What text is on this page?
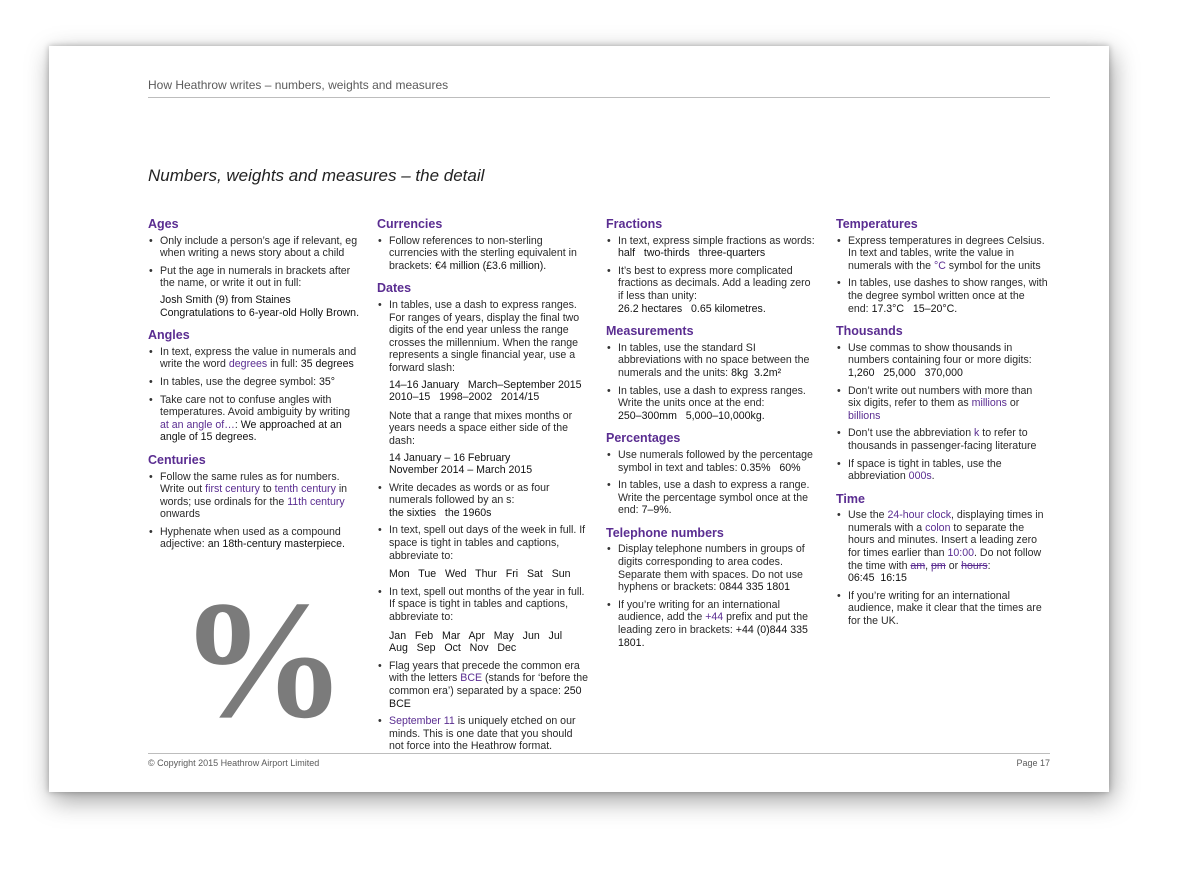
How Heathrow writes – numbers, weights and measures
Numbers, weights and measures – the detail
Ages
• Only include a person’s age if relevant, eg when writing a news story about a child
• Put the age in numerals in brackets after the name, or write it out in full:
Josh Smith (9) from Staines
Congratulations to 6-year-old Holly Brown.
Angles
• In text, express the value in numerals and write the word degrees in full: 35 degrees
• In tables, use the degree symbol: 35°
• Take care not to confuse angles with temperatures. Avoid ambiguity by writing at an angle of…: We approached at an angle of 15 degrees.
Centuries
• Follow the same rules as for numbers. Write out first century to tenth century in words; use ordinals for the 11th century onwards
• Hyphenate when used as a compound adjective: an 18th-century masterpiece.
%
Currencies
• Follow references to non-sterling currencies with the sterling equivalent in brackets: €4 million (£3.6 million).
Dates
• In tables, use a dash to express ranges. For ranges of years, display the final two digits of the end year unless the range crosses the millennium. When the range represents a single financial year, use a forward slash:
14–16 January   March–September 2015
2010–15   1998–2002   2014/15
Note that a range that mixes months or years needs a space either side of the dash:
14 January – 16 February
November 2014 – March 2015
• Write decades as words or as four numerals followed by an s: the sixties   the 1960s
• In text, spell out days of the week in full. If space is tight in tables and captions, abbreviate to:
Mon   Tue   Wed   Thur   Fri   Sat   Sun
• In text, spell out months of the year in full. If space is tight in tables and captions, abbreviate to:
Jan   Feb   Mar   Apr   May   Jun   Jul
Aug   Sep   Oct   Nov   Dec
• Flag years that precede the common era with the letters BCE (stands for ‘before the common era’) separated by a space: 250 BCE
• September 11 is uniquely etched on our minds. This is one date that you should not force into the Heathrow format.
Fractions
• In text, express simple fractions as words: half   two-thirds   three-quarters
• It’s best to express more complicated fractions as decimals. Add a leading zero if less than unity: 26.2 hectares   0.65 kilometres.
Measurements
• In tables, use the standard SI abbreviations with no space between the numerals and the units: 8kg  3.2m²
• In tables, use a dash to express ranges. Write the units once at the end: 250–300mm   5,000–10,000kg.
Percentages
• Use numerals followed by the percentage symbol in text and tables: 0.35%   60%
• In tables, use a dash to express a range. Write the percentage symbol once at the end: 7–9%.
Telephone numbers
• Display telephone numbers in groups of digits corresponding to area codes. Separate them with spaces. Do not use hyphens or brackets: 0844 335 1801
• If you’re writing for an international audience, add the +44 prefix and put the leading zero in brackets: +44 (0)844 335 1801.
Temperatures
• Express temperatures in degrees Celsius. In text and tables, write the value in numerals with the °C symbol for the units
• In tables, use dashes to show ranges, with the degree symbol written once at the end: 17.3°C   15–20°C.
Thousands
• Use commas to show thousands in numbers containing four or more digits: 1,260   25,000   370,000
• Don’t write out numbers with more than six digits, refer to them as millions or billions
• Don’t use the abbreviation k to refer to thousands in passenger-facing literature
• If space is tight in tables, use the abbreviation 000s.
Time
• Use the 24-hour clock, displaying times in numerals with a colon to separate the hours and minutes. Insert a leading zero for times earlier than 10:00. Do not follow the time with am, pm or hours: 06:45  16:15
• If you’re writing for an international audience, make it clear that the times are for the UK.
© Copyright 2015 Heathrow Airport Limited	Page 17
